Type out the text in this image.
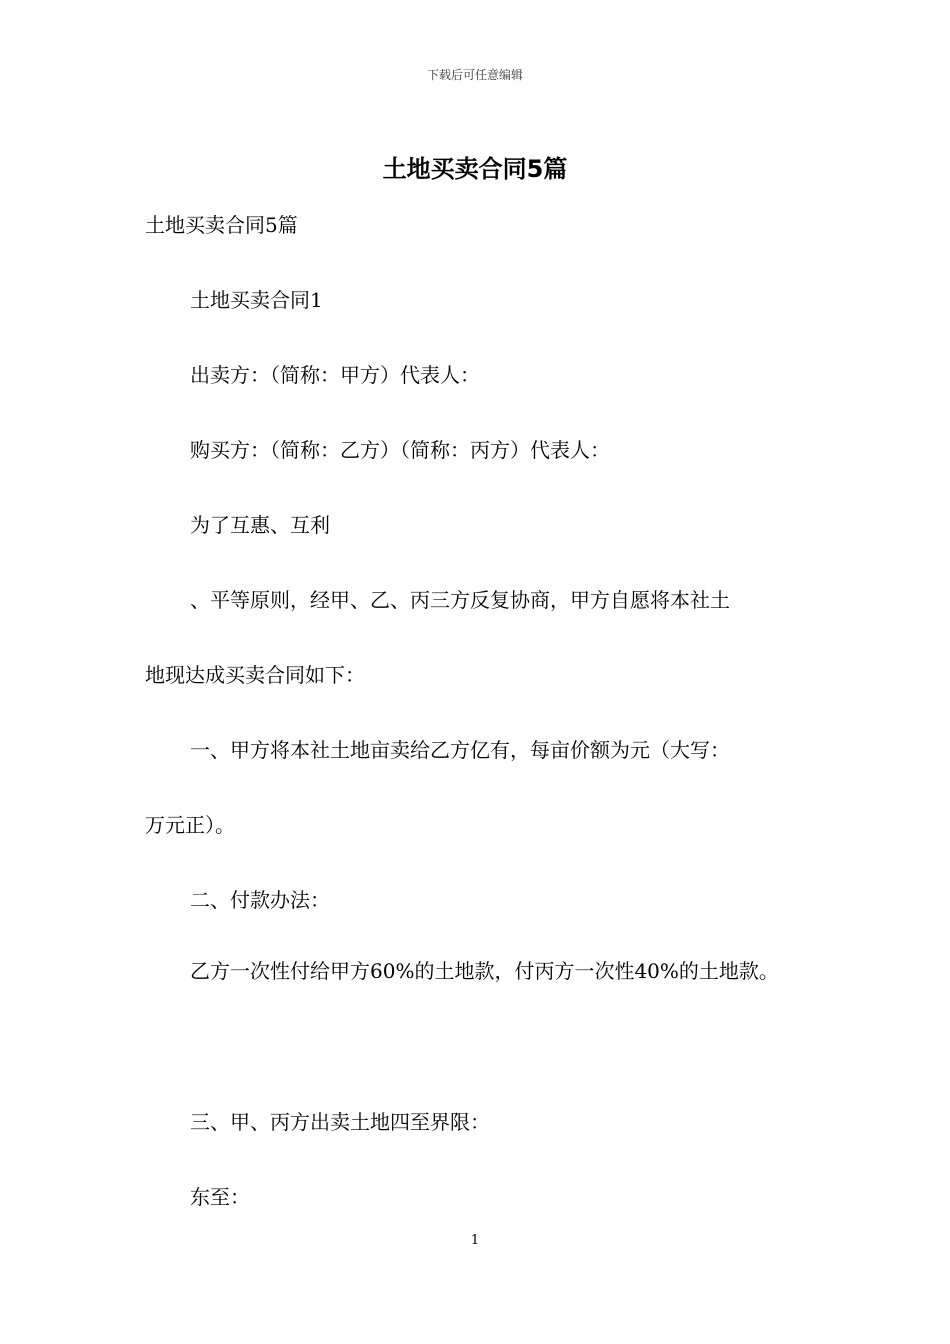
下载后可任意编辑
土地买卖合同5篇

土地买卖合同5篇

土地买卖合同1

出卖方：（简称：甲方）代表人：

购买方：（简称：乙方）（简称：丙方）代表人：

为了互惠、互利

、平等原则，经甲、乙、丙三方反复协商，甲方自愿将本社土

地现达成买卖合同如下：

一、甲方将本社土地亩卖给乙方亿有，每亩价额为元（大写：

万元正）。

二、付款办法：

乙方一次性付给甲方60%的土地款，付丙方一次性40%的土地款。

三、甲、丙方出卖土地四至界限：

东至：

1
